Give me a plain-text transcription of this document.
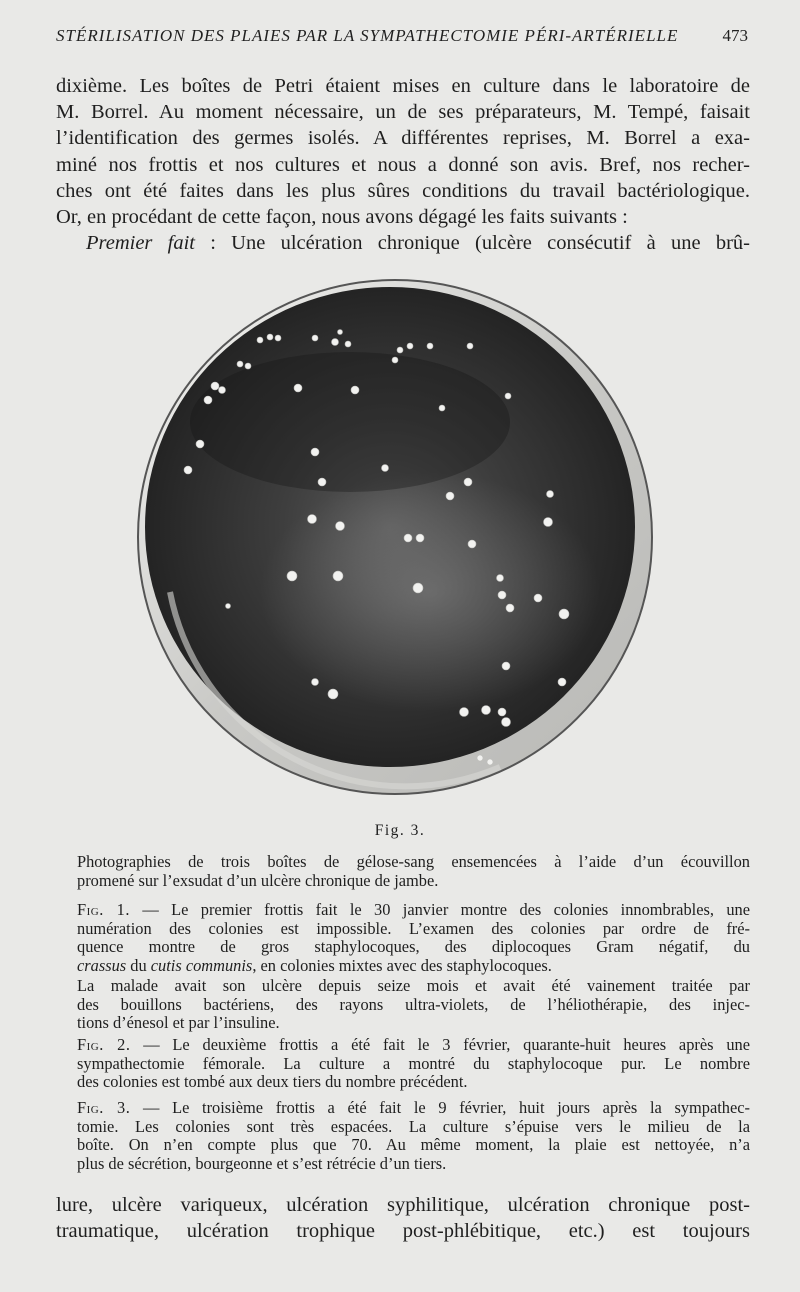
STÉRILISATION DES PLAIES PAR LA SYMPATHECTOMIE PÉRI-ARTÉRIELLE	473
dixième. Les boîtes de Petri étaient mises en culture dans le laboratoire de
M. Borrel. Au moment nécessaire, un de ses préparateurs, M. Tempé, faisait
l’identification des germes isolés. A différentes reprises, M. Borrel a exa-
miné nos frottis et nos cultures et nous a donné son avis. Bref, nos recher-
ches ont été faites dans les plus sûres conditions du travail bactériologique.
Or, en procédant de cette façon, nous avons dégagé les faits suivants :
Premier fait : Une ulcération chronique (ulcère consécutif à une brû-
Fig. 3.
Photographies de trois boîtes de gélose-sang ensemencées à l’aide d’un écouvillon
promené sur l’exsudat d’un ulcère chronique de jambe.
Fig. 1. — Le premier frottis fait le 30 janvier montre des colonies innombrables, une
numération des colonies est impossible. L’examen des colonies par ordre de fré-
quence montre de gros staphylocoques, des diplocoques Gram négatif, du
crassus du cutis communis, en colonies mixtes avec des staphylocoques.
La malade avait son ulcère depuis seize mois et avait été vainement traitée par
des bouillons bactériens, des rayons ultra-violets, de l’héliothérapie, des injec-
tions d’énesol et par l’insuline.
Fig. 2. — Le deuxième frottis a été fait le 3 février, quarante-huit heures après une
sympathectomie fémorale. La culture a montré du staphylocoque pur. Le nombre
des colonies est tombé aux deux tiers du nombre précédent.
Fig. 3. — Le troisième frottis a été fait le 9 février, huit jours après la sympathec-
tomie. Les colonies sont très espacées. La culture s’épuise vers le milieu de la
boîte. On n’en compte plus que 70. Au même moment, la plaie est nettoyée, n’a
plus de sécrétion, bourgeonne et s’est rétrécie d’un tiers.
lure, ulcère variqueux, ulcération syphilitique, ulcération chronique post-
traumatique, ulcération trophique post-phlébitique, etc.) est toujours
